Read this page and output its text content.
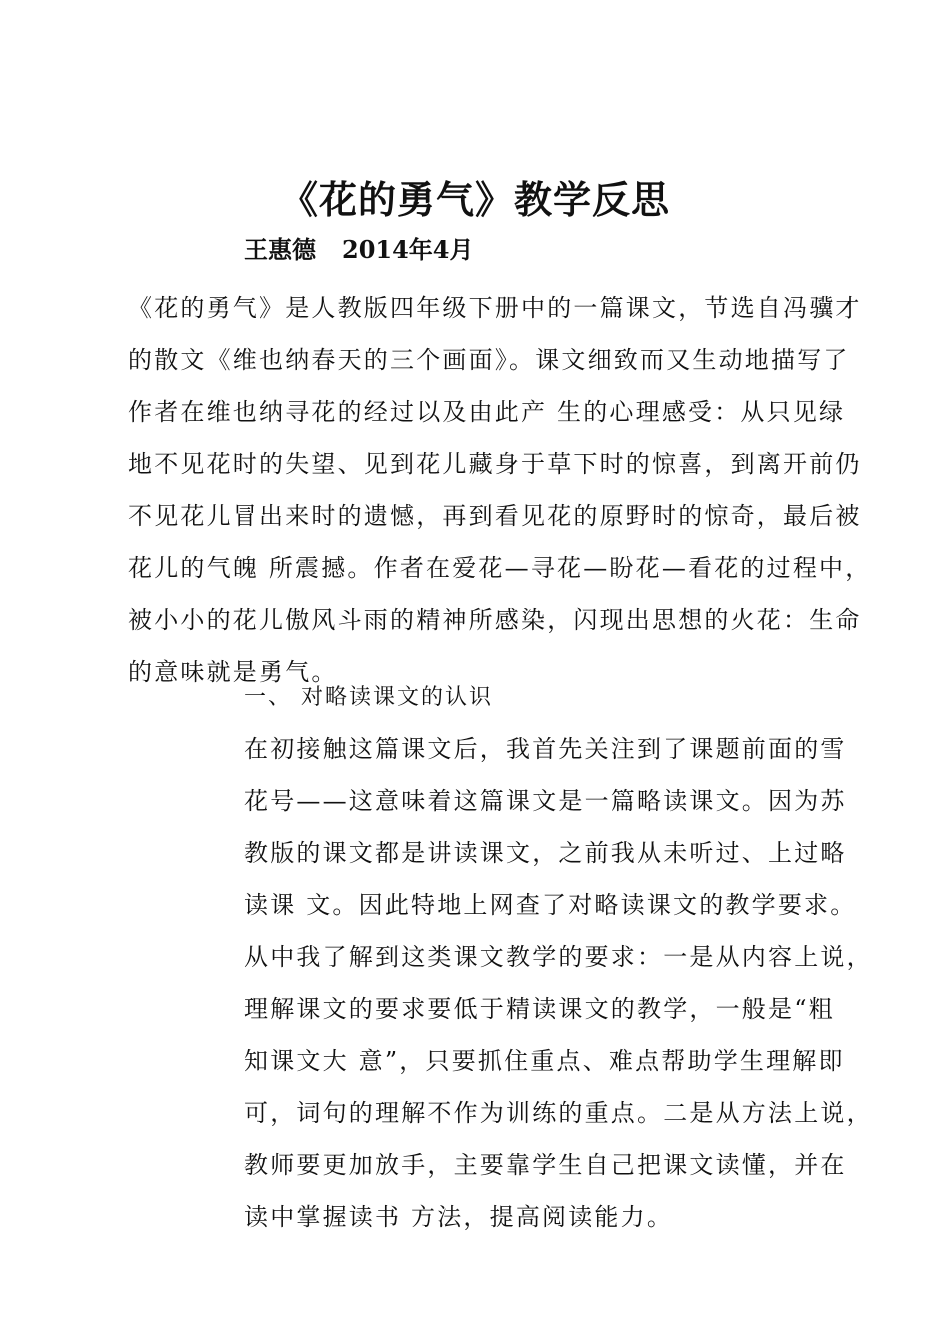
《花的勇气》教学反思
王惠德 2014年4月
《花的勇气》是人教版四年级下册中的一篇课文，节选自冯骥才
的散文《维也纳春天的三个画面》。课文细致而又生动地描写了
作者在维也纳寻花的经过以及由此产 生的心理感受：从只见绿
地不见花时的失望、见到花儿藏身于草下时的惊喜，到离开前仍
不见花儿冒出来时的遗憾，再到看见花的原野时的惊奇，最后被
花儿的气魄 所震撼。作者在爱花—寻花—盼花—看花的过程中，
被小小的花儿傲风斗雨的精神所感染，闪现出思想的火花：生命
的意味就是勇气。
一、 对略读课文的认识
在初接触这篇课文后，我首先关注到了课题前面的雪
花号——这意味着这篇课文是一篇略读课文。因为苏
教版的课文都是讲读课文，之前我从未听过、上过略
读课 文。因此特地上网查了对略读课文的教学要求。
从中我了解到这类课文教学的要求：一是从内容上说，
理解课文的要求要低于精读课文的教学，一般是“粗
知课文大 意”，只要抓住重点、难点帮助学生理解即
可，词句的理解不作为训练的重点。二是从方法上说，
教师要更加放手，主要靠学生自己把课文读懂，并在
读中掌握读书 方法，提高阅读能力。
